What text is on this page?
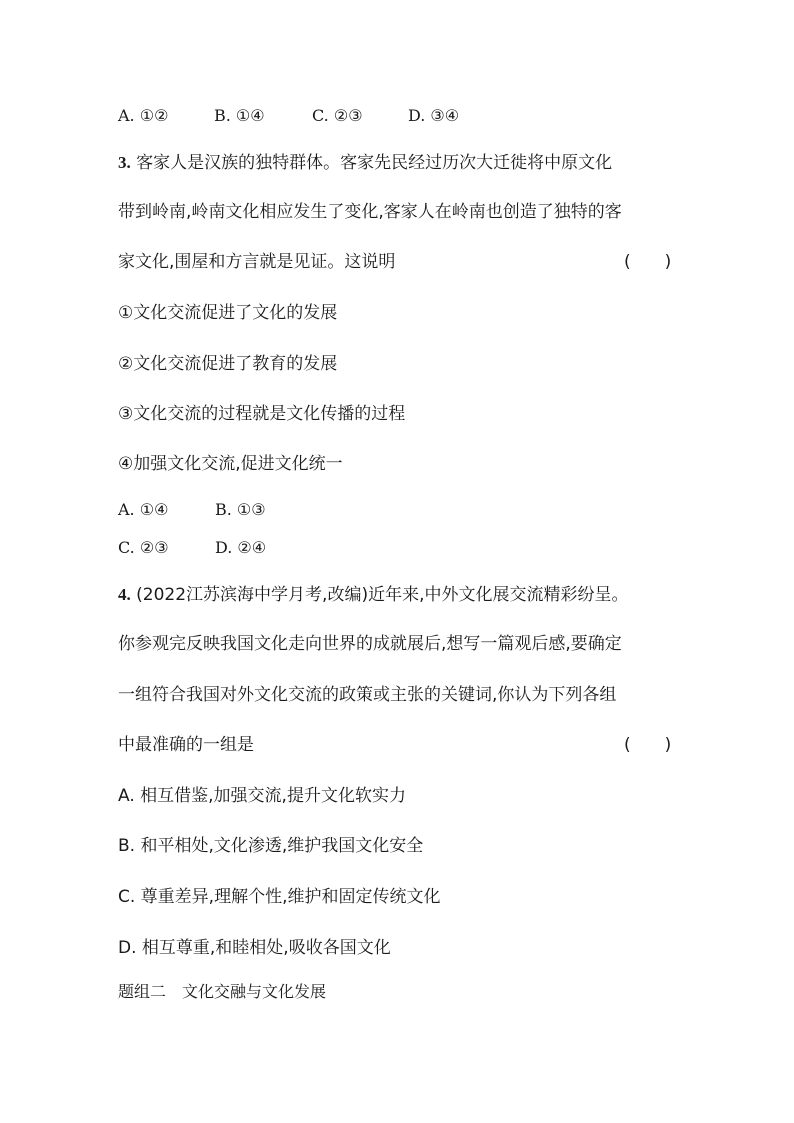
A. ①②	B. ①④	C. ②③	D. ③④
3. 客家人是汉族的独特群体。客家先民经过历次大迁徙将中原文化
带到岭南,岭南文化相应发生了变化,客家人在岭南也创造了独特的客
家文化,围屋和方言就是见证。这说明	(　　)
①文化交流促进了文化的发展
②文化交流促进了教育的发展
③文化交流的过程就是文化传播的过程
④加强文化交流,促进文化统一
A. ①④	B. ①③
C. ②③	D. ②④
4. (2022江苏滨海中学月考,改编)近年来,中外文化展交流精彩纷呈。
你参观完反映我国文化走向世界的成就展后,想写一篇观后感,要确定
一组符合我国对外文化交流的政策或主张的关键词,你认为下列各组
中最准确的一组是	(　　)
A. 相互借鉴,加强交流,提升文化软实力
B. 和平相处,文化渗透,维护我国文化安全
C. 尊重差异,理解个性,维护和固定传统文化
D. 相互尊重,和睦相处,吸收各国文化
题组二　文化交融与文化发展
